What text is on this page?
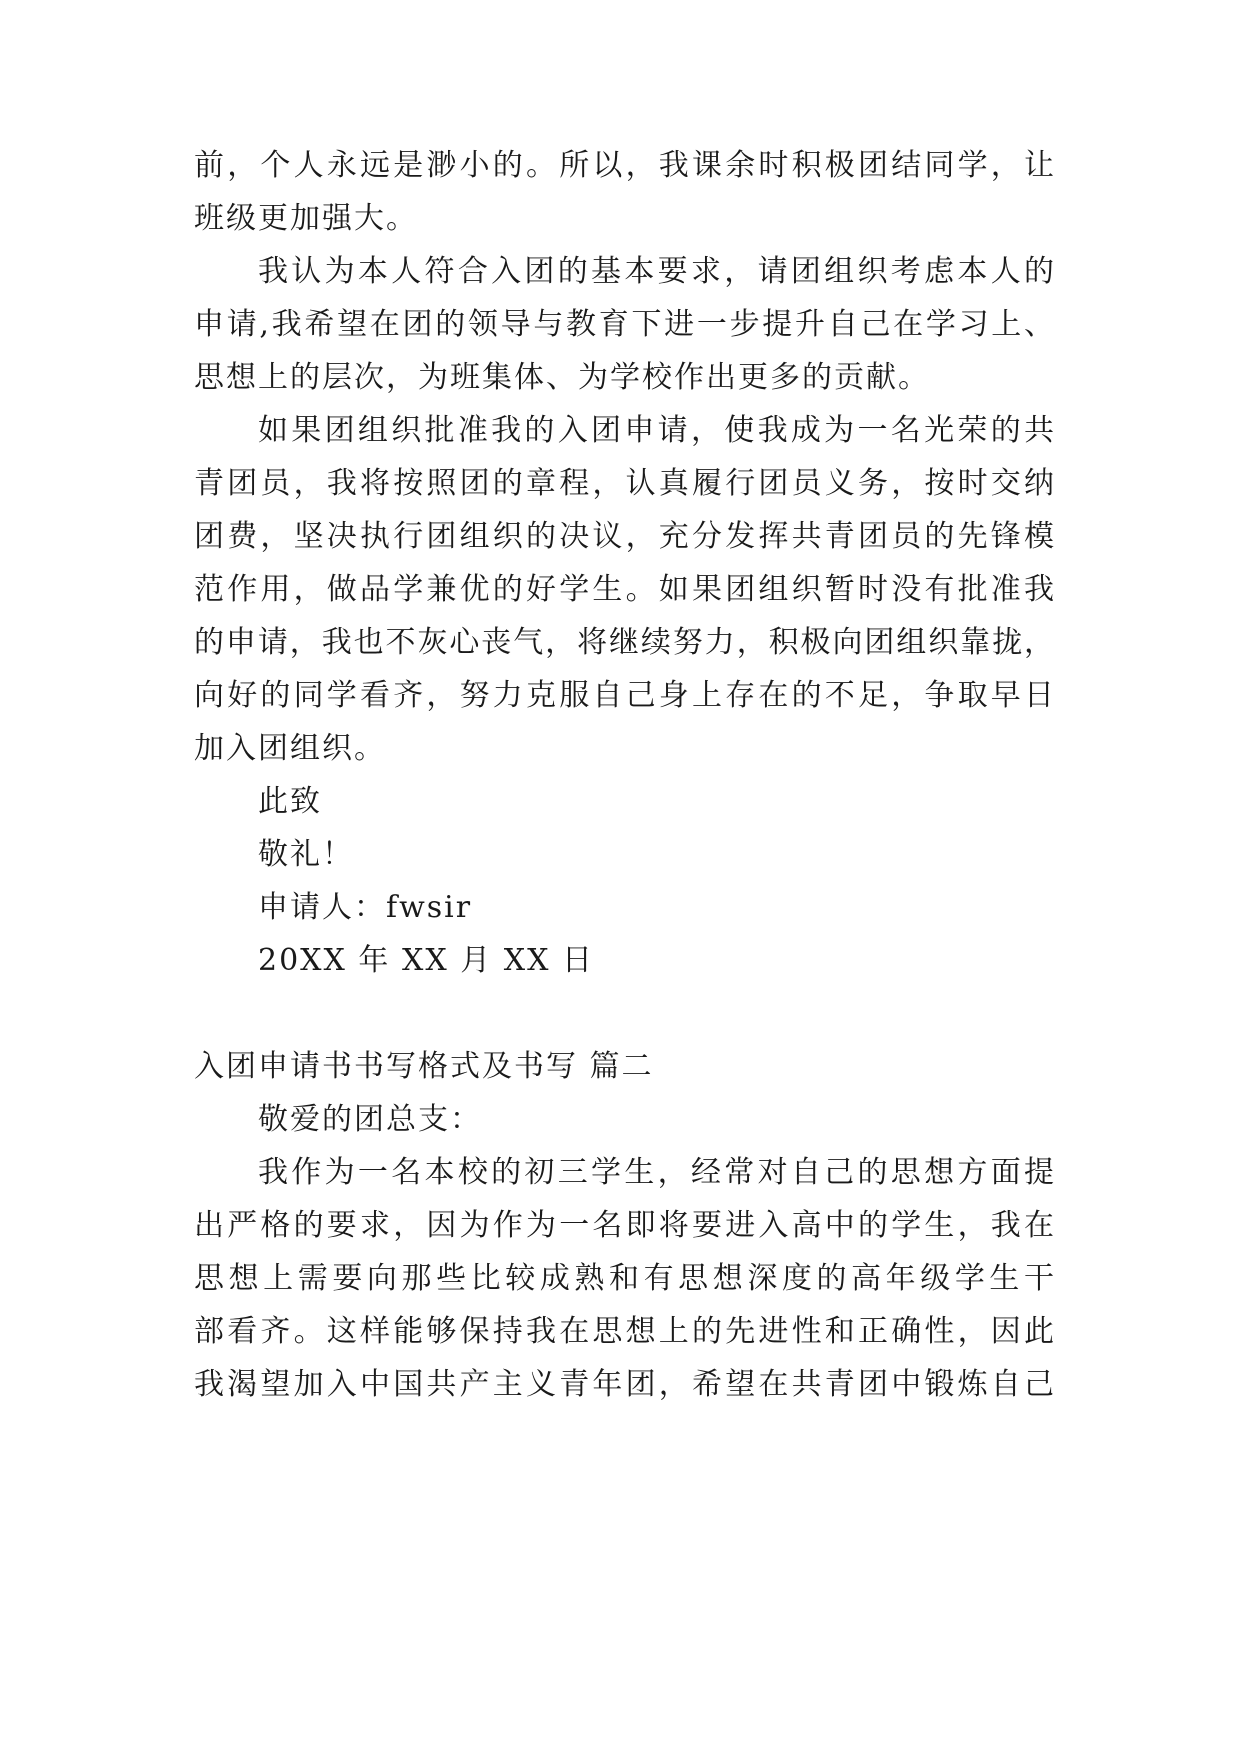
前，个人永远是渺小的。所以，我课余时积极团结同学，让
班级更加强大。
我认为本人符合入团的基本要求，请团组织考虑本人的
申请,我希望在团的领导与教育下进一步提升自己在学习上、
思想上的层次，为班集体、为学校作出更多的贡献。
如果团组织批准我的入团申请，使我成为一名光荣的共
青团员，我将按照团的章程，认真履行团员义务，按时交纳
团费，坚决执行团组织的决议，充分发挥共青团员的先锋模
范作用，做品学兼优的好学生。如果团组织暂时没有批准我
的申请，我也不灰心丧气，将继续努力，积极向团组织靠拢，
向好的同学看齐，努力克服自己身上存在的不足，争取早日
加入团组织。
此致
敬礼！
申请人：fwsir
20XX 年 XX 月 XX 日
入团申请书书写格式及书写 篇二
敬爱的团总支：
我作为一名本校的初三学生，经常对自己的思想方面提
出严格的要求，因为作为一名即将要进入高中的学生，我在
思想上需要向那些比较成熟和有思想深度的高年级学生干
部看齐。这样能够保持我在思想上的先进性和正确性，因此
我渴望加入中国共产主义青年团，希望在共青团中锻炼自己
